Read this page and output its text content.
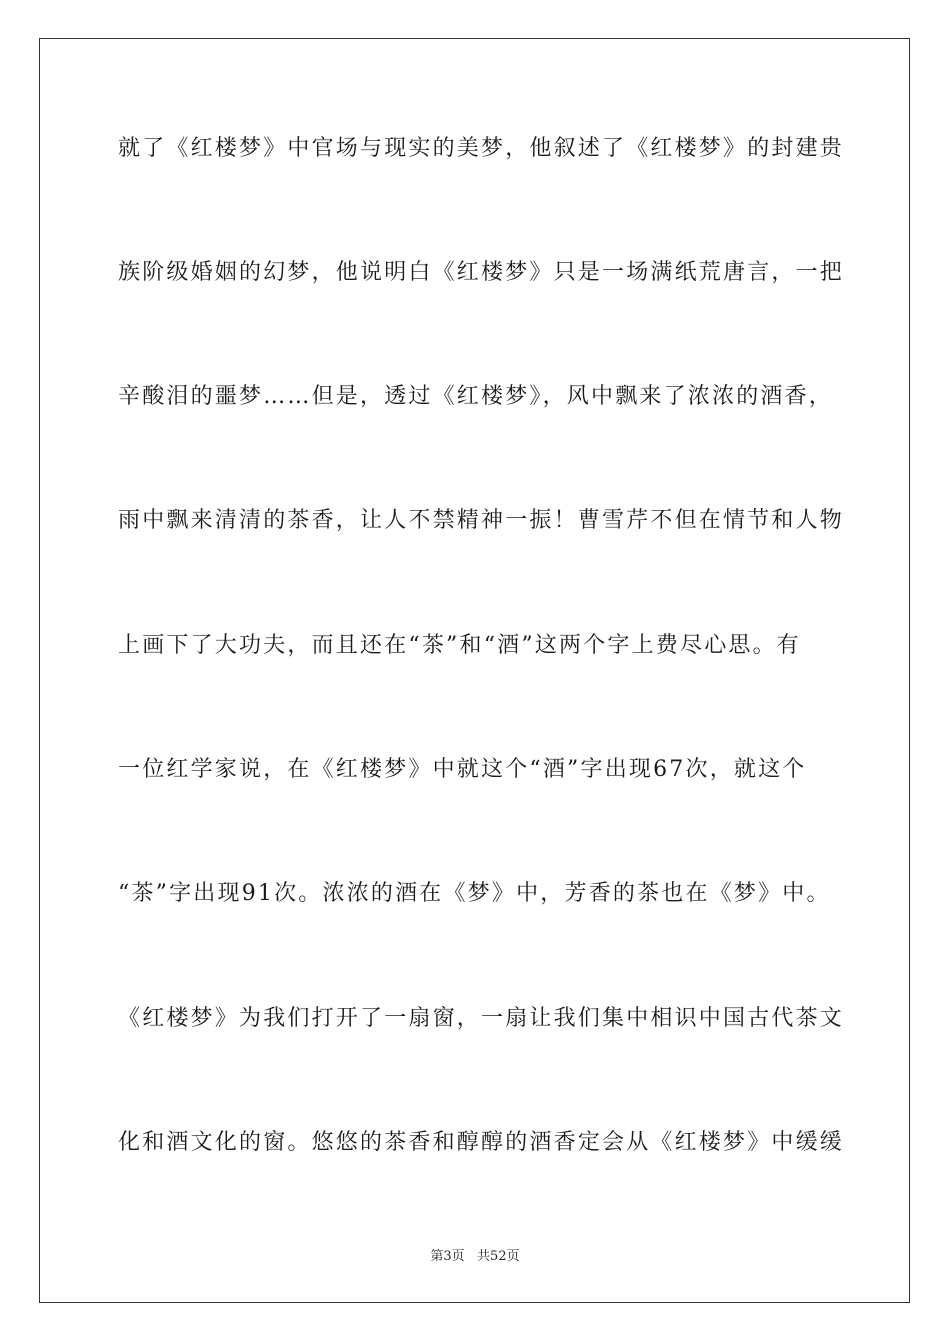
就了《红楼梦》中官场与现实的美梦，他叙述了《红楼梦》的封建贵
族阶级婚姻的幻梦，他说明白《红楼梦》只是一场满纸荒唐言，一把
辛酸泪的噩梦……但是，透过《红楼梦》，风中飘来了浓浓的酒香，
雨中飘来清清的茶香，让人不禁精神一振！曹雪芹不但在情节和人物
上画下了大功夫，而且还在“茶”和“酒”这两个字上费尽心思。有
一位红学家说，在《红楼梦》中就这个“酒”字出现67次，就这个
“茶”字出现91次。浓浓的酒在《梦》中，芳香的茶也在《梦》中。
《红楼梦》为我们打开了一扇窗，一扇让我们集中相识中国古代茶文
化和酒文化的窗。悠悠的茶香和醇醇的酒香定会从《红楼梦》中缓缓
第3页   共52页
